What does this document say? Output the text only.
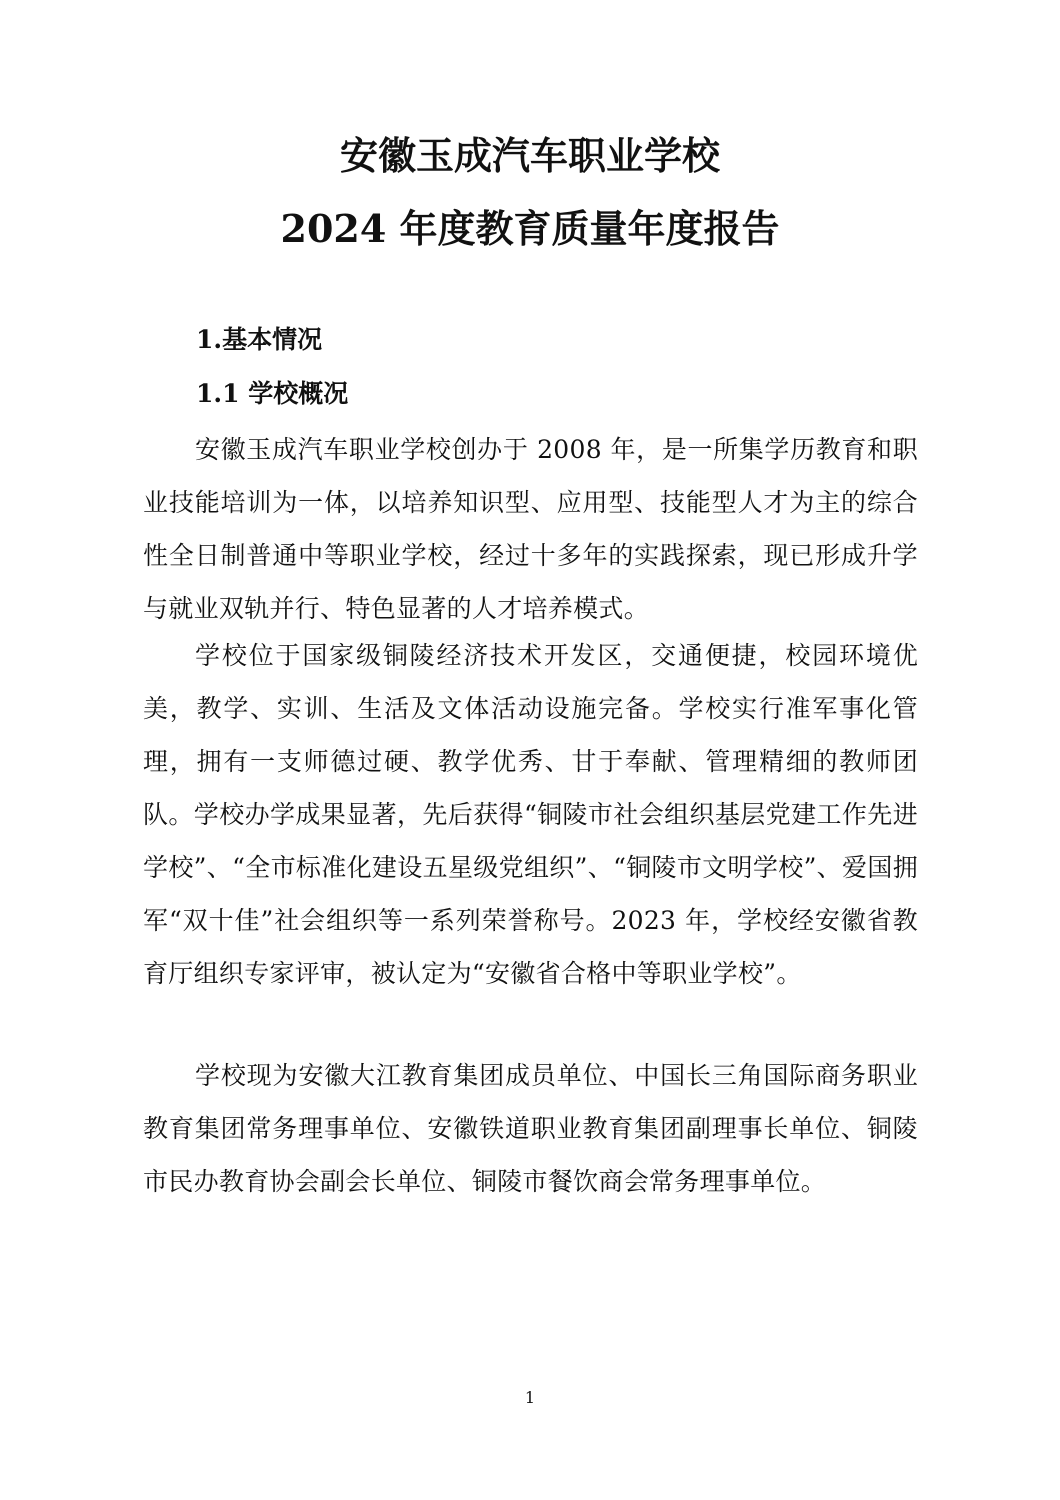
安徽玉成汽车职业学校
2024 年度教育质量年度报告
1.基本情况
1.1 学校概况

安徽玉成汽车职业学校创办于 2008 年，是一所集学历教育和职业技能培训为一体，以培养知识型、应用型、技能型人才为主的综合性全日制普通中等职业学校，经过十多年的实践探索，现已形成升学与就业双轨并行、特色显著的人才培养模式。

学校位于国家级铜陵经济技术开发区，交通便捷，校园环境优美，教学、实训、生活及文体活动设施完备。学校实行准军事化管理，拥有一支师德过硬、教学优秀、甘于奉献、管理精细的教师团队。学校办学成果显著，先后获得“铜陵市社会组织基层党建工作先进学校”、“全市标准化建设五星级党组织”、“铜陵市文明学校”、爱国拥军“双十佳”社会组织等一系列荣誉称号。2023 年，学校经安徽省教育厅组织专家评审，被认定为“安徽省合格中等职业学校”。

学校现为安徽大江教育集团成员单位、中国长三角国际商务职业教育集团常务理事单位、安徽铁道职业教育集团副理事长单位、铜陵市民办教育协会副会长单位、铜陵市餐饮商会常务理事单位。

1
